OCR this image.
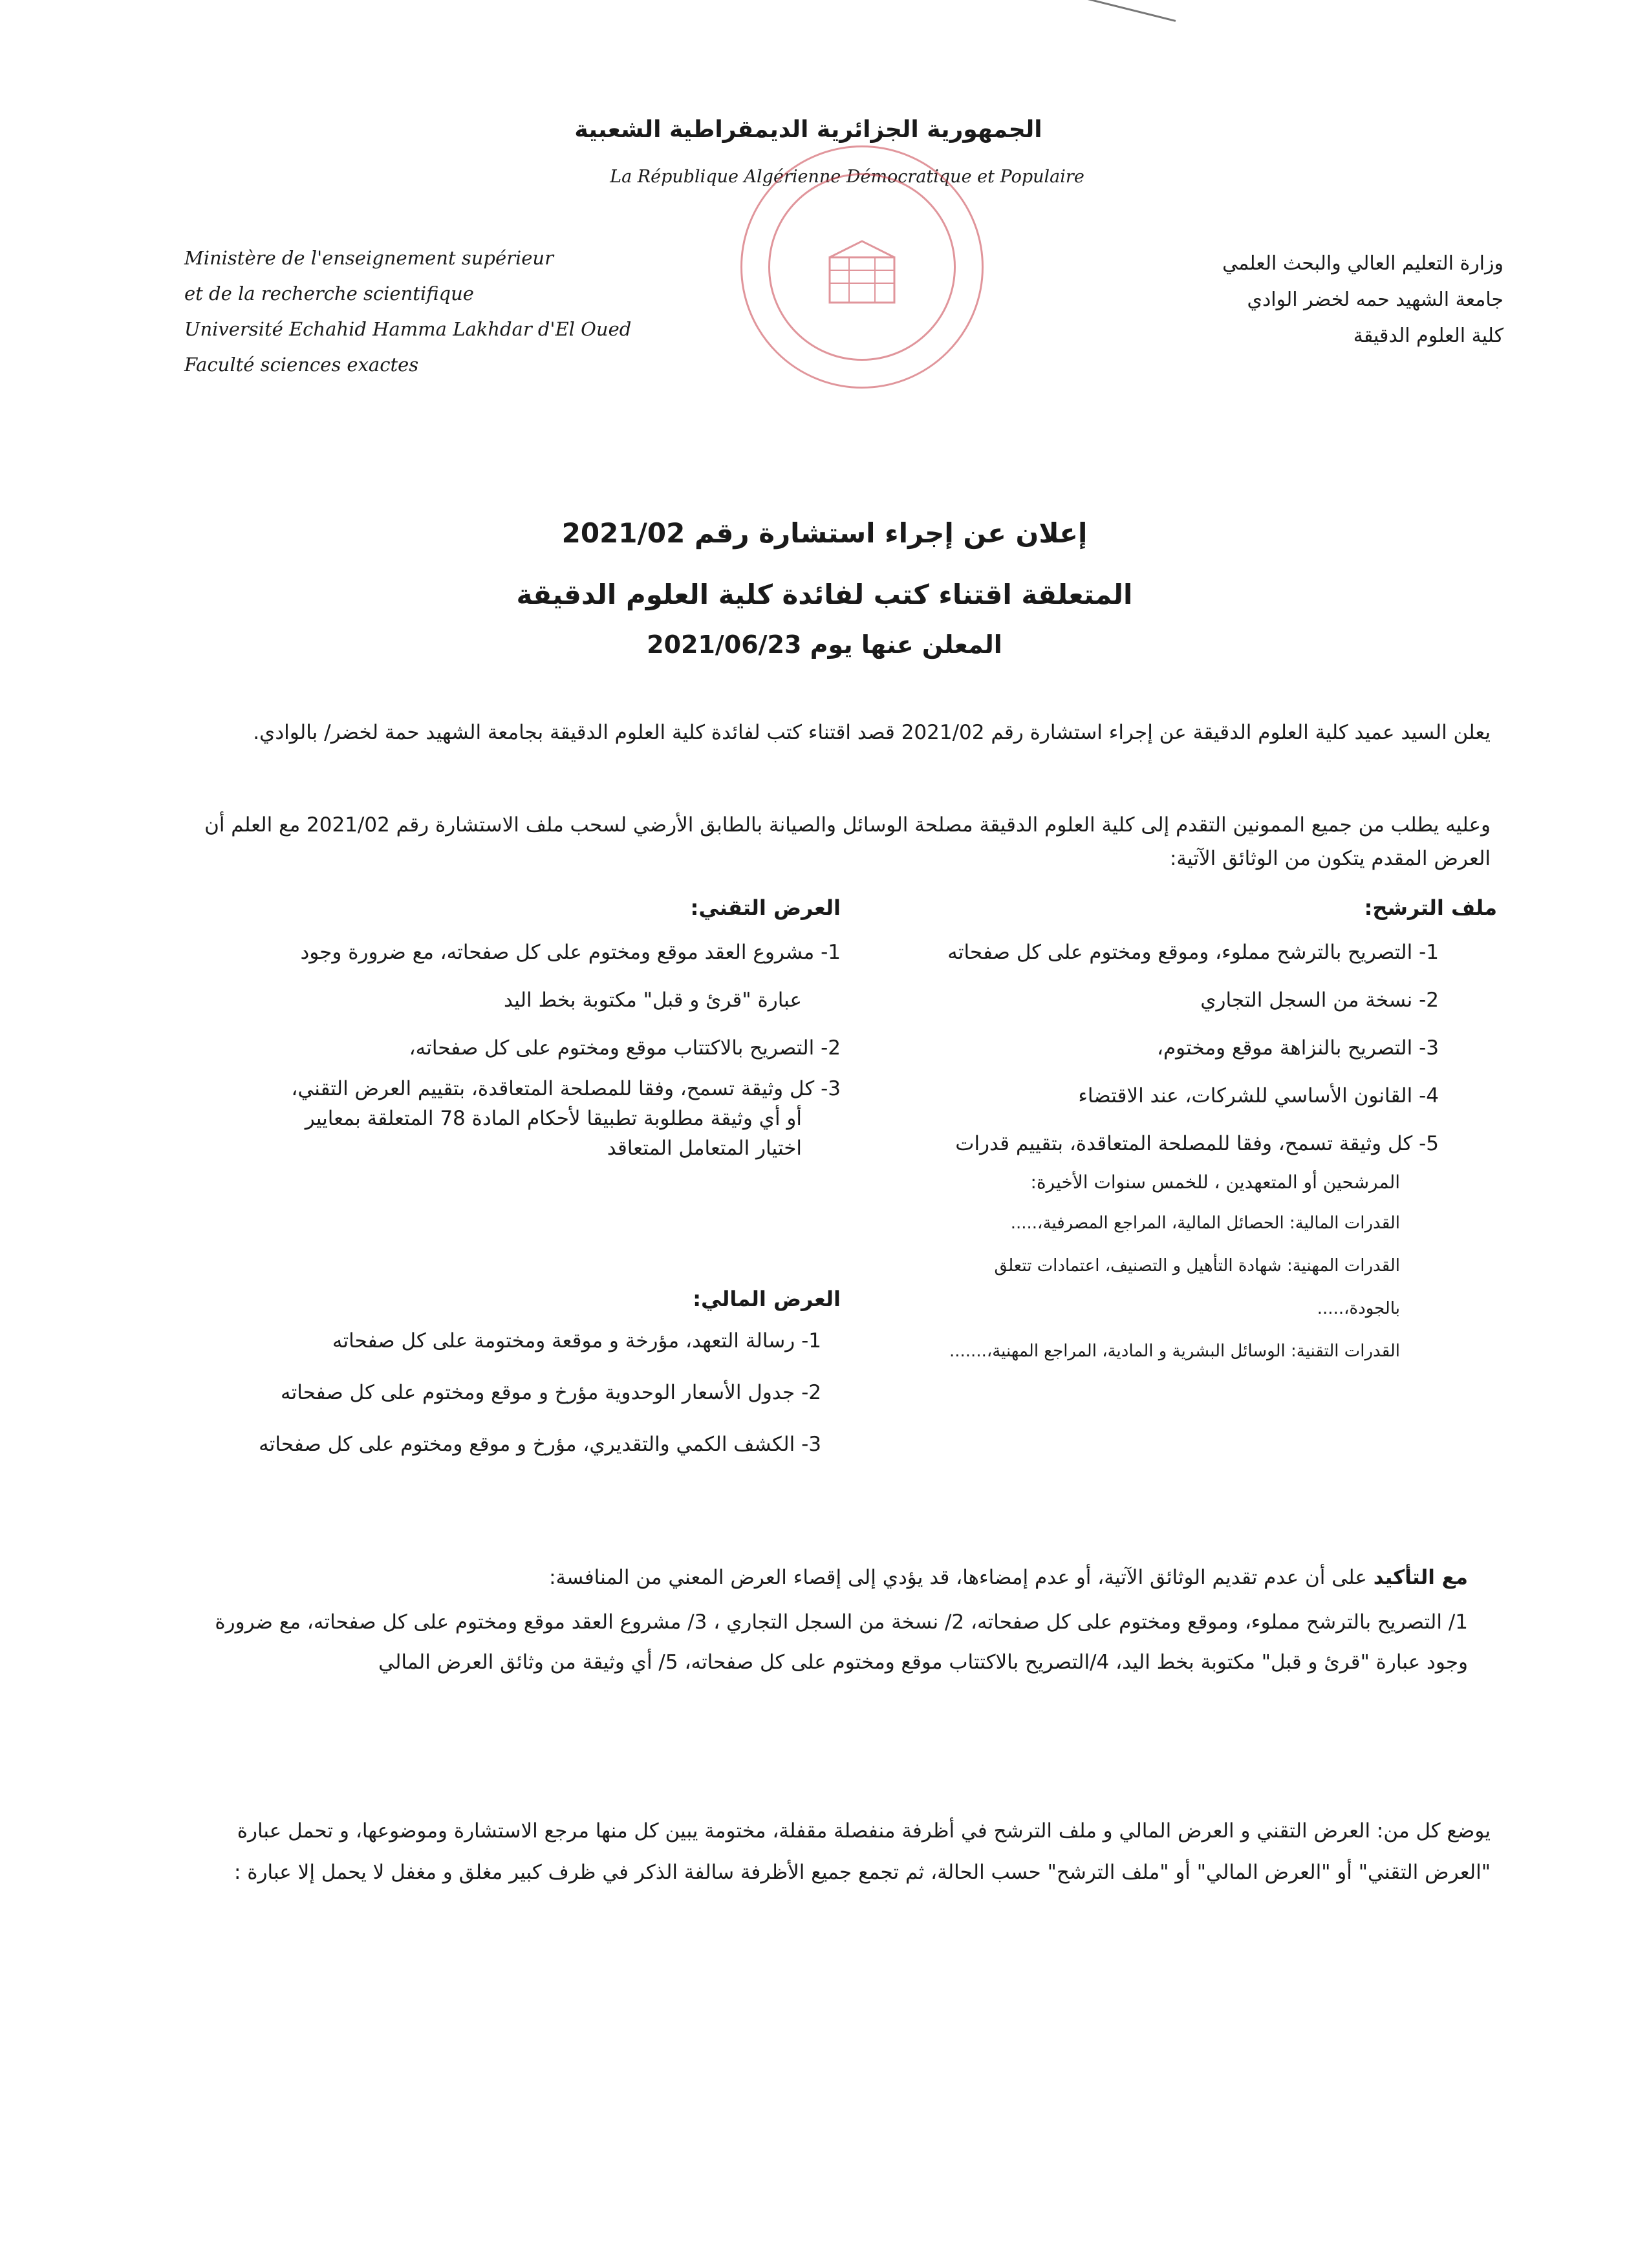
الجمهورية الجزائرية الديمقراطية الشعبية
La République Algérienne Démocratique et Populaire
Ministère de l'enseignement supérieur
et de la recherche scientifique
Université Echahid Hamma Lakhdar d'El Oued
Faculté sciences exactes
وزارة التعليم العالي والبحث العلمي
جامعة الشهيد حمه لخضر الوادي
كلية العلوم الدقيقة
إعلان عن إجراء استشارة رقم 2021/02
المتعلقة اقتناء كتب لفائدة كلية العلوم الدقيقة
المعلن عنها يوم 2021/06/23
يعلن السيد عميد كلية العلوم الدقيقة عن إجراء استشارة رقم 2021/02 قصد اقتناء كتب لفائدة كلية العلوم الدقيقة بجامعة الشهيد حمة لخضر/ بالوادي.
وعليه يطلب من جميع الممونين التقدم إلى كلية العلوم الدقيقة مصلحة الوسائل والصيانة بالطابق الأرضي لسحب ملف الاستشارة رقم 2021/02 مع العلم أن العرض المقدم يتكون من الوثائق الآتية:
ملف الترشح:
1- التصريح بالترشح مملوء، وموقع ومختوم على كل صفحاته
2- نسخة من السجل التجاري
3- التصريح بالنزاهة موقع ومختوم،
4- القانون الأساسي للشركات، عند الاقتضاء
5- كل وثيقة تسمح، وفقا للمصلحة المتعاقدة، بتقييم قدرات
المرشحين أو المتعهدين ، للخمس سنوات الأخيرة:
القدرات المالية: الحصائل المالية، المراجع المصرفية،.....
القدرات المهنية: شهادة التأهيل و التصنيف، اعتمادات تتعلق
بالجودة،.....
القدرات التقنية: الوسائل البشرية و المادية، المراجع المهنية،.......
العرض التقني:
1- مشروع العقد موقع ومختوم على كل صفحاته، مع ضرورة وجود
عبارة "قرئ و قبل" مكتوبة بخط اليد
2- التصريح بالاكتتاب موقع ومختوم على كل صفحاته،
3- كل وثيقة تسمح، وفقا للمصلحة المتعاقدة، بتقييم العرض التقني،
أو أي وثيقة مطلوبة تطبيقا لأحكام المادة 78 المتعلقة بمعايير
اختيار المتعامل المتعاقد
العرض المالي:
1- رسالة التعهد، مؤرخة و موقعة ومختومة على كل صفحاته
2- جدول الأسعار الوحدوية مؤرخ و موقع ومختوم على كل صفحاته
3- الكشف الكمي والتقديري، مؤرخ و موقع ومختوم على كل صفحاته
مع التأكيد على أن عدم تقديم الوثائق الآتية، أو عدم إمضاءها، قد يؤدي إلى إقصاء العرض المعني من المنافسة:
1/ التصريح بالترشح مملوء، وموقع ومختوم على كل صفحاته، 2/ نسخة من السجل التجاري ، 3/ مشروع العقد موقع ومختوم على كل صفحاته، مع ضرورة وجود عبارة "قرئ و قبل" مكتوبة بخط اليد، 4/التصريح بالاكتتاب موقع ومختوم على كل صفحاته، 5/ أي وثيقة من وثائق العرض المالي
يوضع كل من: العرض التقني و العرض المالي و ملف الترشح في أظرفة منفصلة مقفلة، مختومة يبين كل منها مرجع الاستشارة وموضوعها، و تحمل عبارة "العرض التقني" أو "العرض المالي" أو "ملف الترشح" حسب الحالة، ثم تجمع جميع الأظرفة سالفة الذكر في ظرف كبير مغلق و مغفل لا يحمل إلا عبارة :
